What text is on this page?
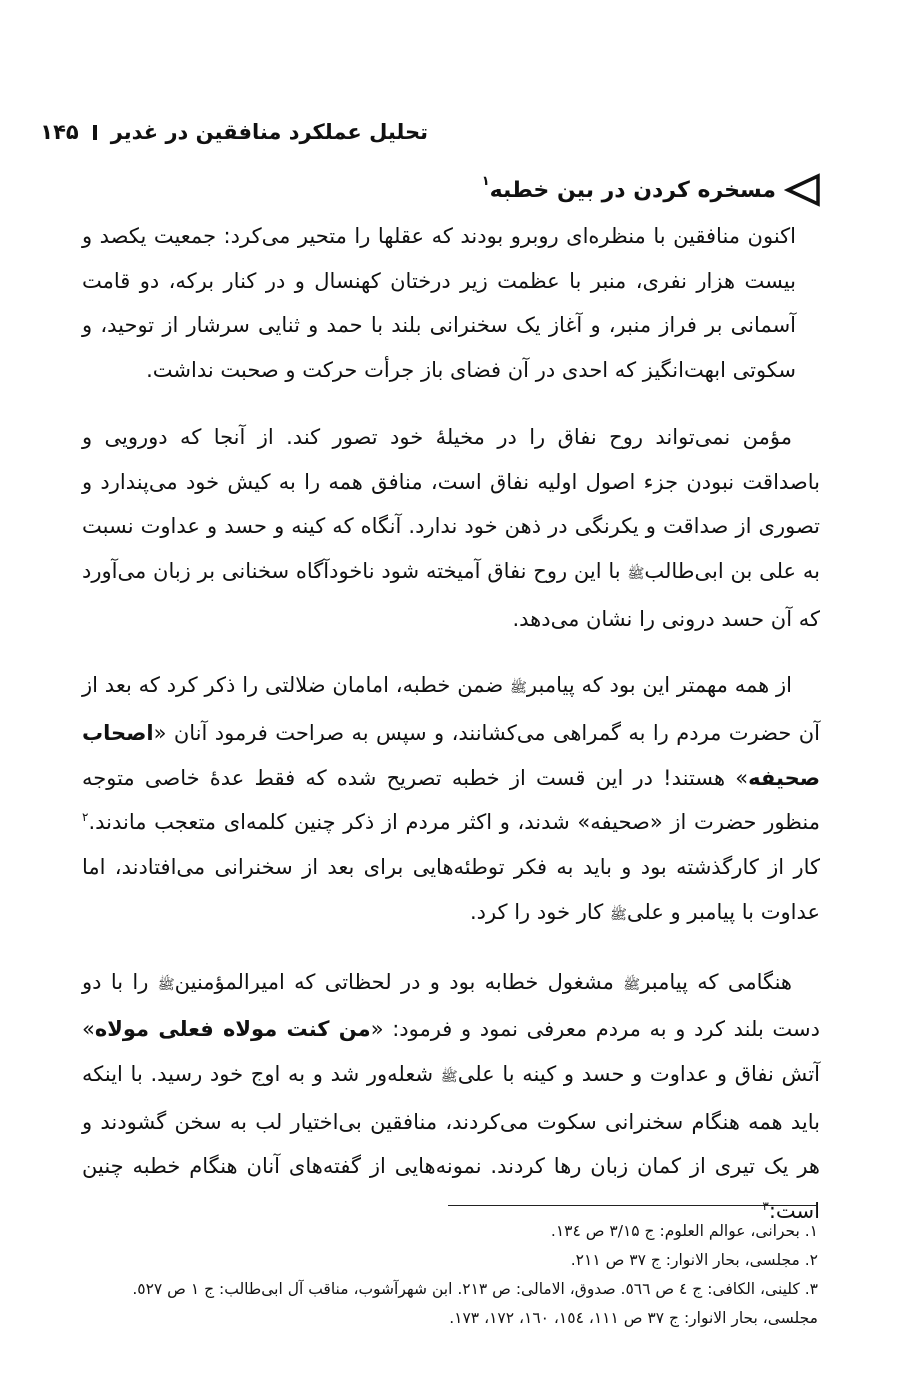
تحلیل عملکرد منافقین در غدیر
۱۴۵
مسخره کردن در بین خطبه$^۱$

اکنون منافقین با منظره‌ای روبرو بودند که عقلها را متحیر می‌کرد: جمعیت یکصد و بیست هزار نفری، منبر با عظمت زیر درختان کهنسال و در کنار برکه، دو قامت آسمانی بر فراز منبر، و آغاز یک سخنرانی بلند با حمد و ثنایی سرشار از توحید، و سکوتی ابهت‌انگیز که احدی در آن فضای باز جرأت حرکت و صحبت نداشت.

مؤمن نمی‌تواند روح نفاق را در مخیلهٔ خود تصور کند. از آنجا که دورویی و باصداقت نبودن جزء اصول اولیه نفاق است، منافق همه را به کیش خود می‌پندارد و تصوری از صداقت و یکرنگی در ذهن خود ندارد. آنگاه که کینه و حسد و عداوت نسبت به علی بن ابی‌طالبﷺ با این روح نفاق آمیخته شود ناخودآگاه سخنانی بر زبان می‌آورد که آن حسد درونی را نشان می‌دهد.

از همه مهمتر این بود که پیامبرﷺ ضمن خطبه، امامان ضلالتی را ذکر کرد که بعد از آن حضرت مردم را به گمراهی می‌کشانند، و سپس به صراحت فرمود آنان «اصحاب صحیفه» هستند! در این قست از خطبه تصریح شده که فقط عدهٔ خاصی متوجه منظور حضرت از «صحیفه» شدند، و اکثر مردم از ذکر چنین کلمه‌ای متعجب ماندند.$^۲$ کار از کارگذشته بود و باید به فکر توطئه‌هایی برای بعد از سخنرانی می‌افتادند، اما عداوت با پیامبر و علیﷺ کار خود را کرد.

هنگامی که پیامبرﷺ مشغول خطابه بود و در لحظاتی که امیرالمؤمنینﷺ را با دو دست بلند کرد و به مردم معرفی نمود و فرمود: «من کنت مولاه فعلی مولاه» آتش نفاق و عداوت و حسد و کینه با علیﷺ شعله‌ور شد و به اوج خود رسید. با اینکه باید همه هنگام سخنرانی سکوت می‌کردند، منافقین بی‌اختیار لب به سخن گشودند و هر یک تیری از کمان زبان رها کردند. نمونه‌هایی از گفته‌های آنان هنگام خطبه چنین است:$^۳$

۱. بحرانی، عوالم العلوم: ج ۳/۱۵ ص ۱۳٤.
۲. مجلسی، بحار الانوار: ج ۳۷ ص ۲۱۱.
۳. کلینی، الکافی: ج ٤ ص ٥٦٦. صدوق، الامالی: ص ۲۱۳. ابن شهرآشوب، مناقب آل ابی‌طالب: ج ۱ ص ٥۲۷. مجلسی، بحار الانوار: ج ۳۷ ص ۱۱۱، ۱٥٤، ۱٦۰، ۱۷۲، ۱۷۳.
